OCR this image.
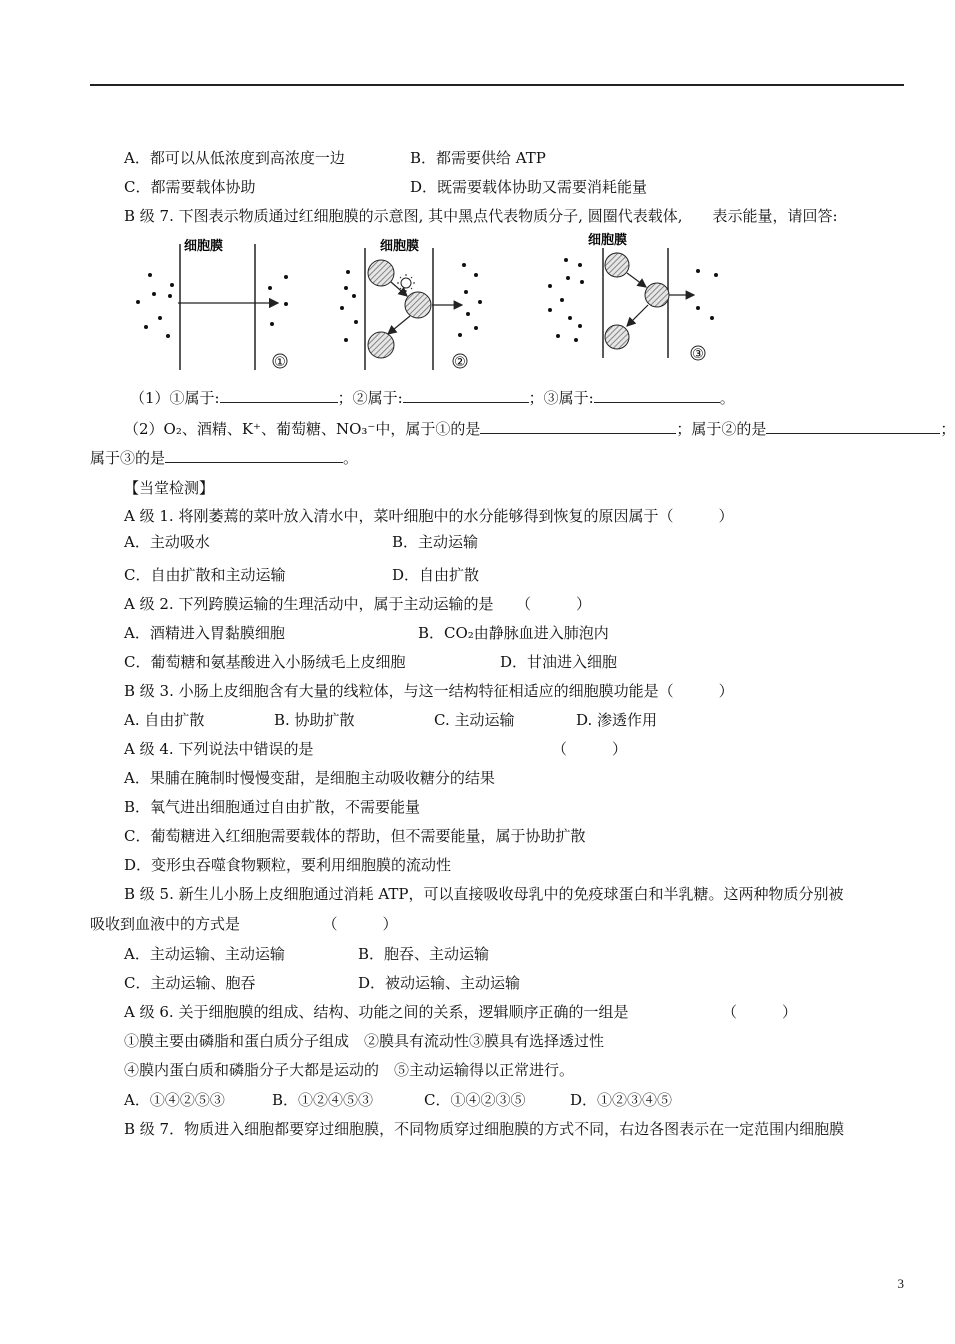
A．都可以从低浓度到高浓度一边	B．都需要供给 ATP
C．都需要载体协助	D．既需要载体协助又需要消耗能量
B 级 7. 下图表示物质通过红细胞膜的示意图, 其中黑点代表物质分子, 圆圈代表载体, 表示能量，请回答:
细胞膜
①
细胞膜
②
细胞膜
③
（1）①属于:	；②属于:	；③属于:	。
（2）O₂、酒精、K⁺、葡萄糖、NO₃⁻中，属于①的是	；属于②的是	；
属于③的是	。
【当堂检测】
A 级 1. 将刚萎蔫的菜叶放入清水中，菜叶细胞中的水分能够得到恢复的原因属于（　　　）
A．主动吸水	B．主动运输
C．自由扩散和主动运输	D．自由扩散
A 级 2. 下列跨膜运输的生理活动中，属于主动运输的是　　（　　　）
A．酒精进入胃黏膜细胞	B．CO₂由静脉血进入肺泡内
C．葡萄糖和氨基酸进入小肠绒毛上皮细胞	D．甘油进入细胞
B 级 3. 小肠上皮细胞含有大量的线粒体，与这一结构特征相适应的细胞膜功能是（　　　）
A. 自由扩散	B. 协助扩散	C. 主动运输	D. 渗透作用
A 级 4. 下列说法中错误的是	（　　　）
A．果脯在腌制时慢慢变甜，是细胞主动吸收糖分的结果
B．氧气进出细胞通过自由扩散，不需要能量
C．葡萄糖进入红细胞需要载体的帮助，但不需要能量，属于协助扩散
D．变形虫吞噬食物颗粒，要利用细胞膜的流动性
B 级 5. 新生儿小肠上皮细胞通过消耗 ATP，可以直接吸收母乳中的免疫球蛋白和半乳糖。这两种物质分别被
吸收到血液中的方式是　　　　　　（　　　）
A．主动运输、主动运输	B．胞吞、主动运输
C．主动运输、胞吞	D．被动运输、主动运输
A 级 6. 关于细胞膜的组成、结构、功能之间的关系，逻辑顺序正确的一组是	（　　　）
①膜主要由磷脂和蛋白质分子组成　②膜具有流动性③膜具有选择透过性
④膜内蛋白质和磷脂分子大都是运动的　⑤主动运输得以正常进行。
A．①④②⑤③	B．①②④⑤③	C．①④②③⑤	D．①②③④⑤
B 级 7．物质进入细胞都要穿过细胞膜，不同物质穿过细胞膜的方式不同，右边各图表示在一定范围内细胞膜
3
